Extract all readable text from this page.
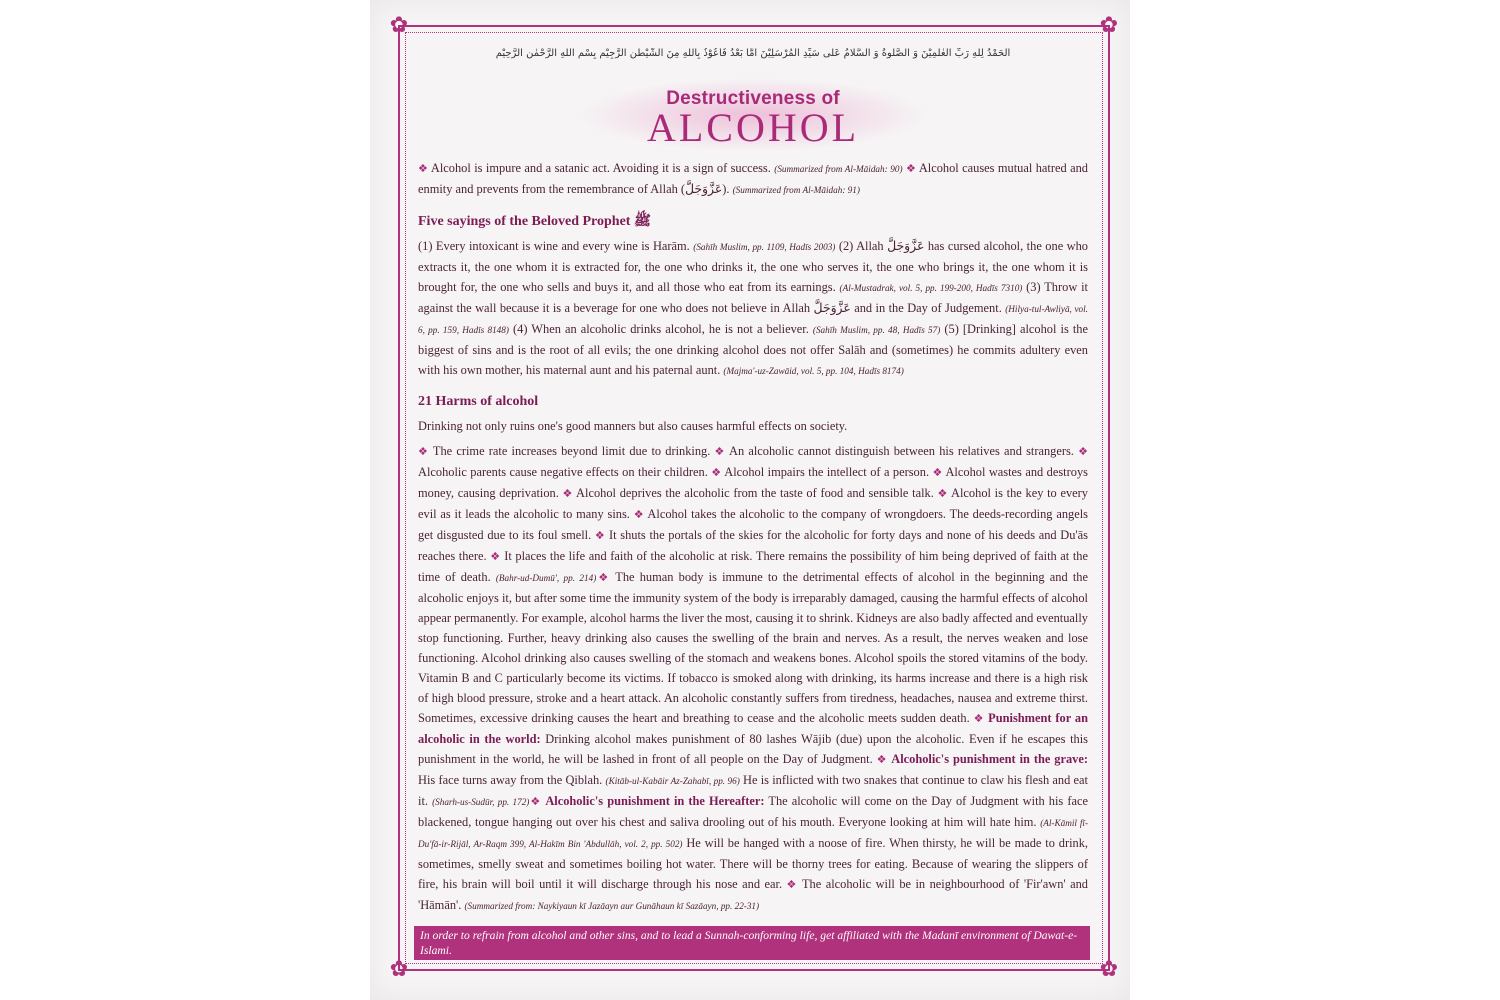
✿	✿
✿	✿
اَلْحَمْدُ لِلّٰهِ رَبِّ الْعٰلَمِيْنَ وَ الصَّلٰوةُ وَ السَّلَامُ عَلٰى سَيِّدِ الْمُرْسَلِيْنَ اَمَّا بَعْدُ فَاَعُوْذُ بِاللّٰهِ مِنَ الشَّيْطٰنِ الرَّجِيْمِ بِسْمِ اللّٰهِ الرَّحْمٰنِ الرَّحِيْمِ
Destructiveness of
ALCOHOL
❖ Alcohol is impure and a satanic act. Avoiding it is a sign of success. (Summarized from Al-Māidah: 90) ❖ Alcohol causes mutual hatred and enmity and prevents from the remembrance of Allah (عَزَّوَجَلَّ). (Summarized from Al-Māidah: 91)
Five sayings of the Beloved Prophet ﷺ
(1) Every intoxicant is wine and every wine is Harām. (Sahīh Muslim, pp. 1109, Hadīs 2003) (2) Allah عَزَّوَجَلَّ has cursed alcohol, the one who extracts it, the one whom it is extracted for, the one who drinks it, the one who serves it, the one who brings it, the one whom it is brought for, the one who sells and buys it, and all those who eat from its earnings. (Al-Mustadrak, vol. 5, pp. 199-200, Hadīs 7310) (3) Throw it against the wall because it is a beverage for one who does not believe in Allah عَزَّوَجَلَّ and in the Day of Judgement. (Hilya-tul-Awliyā, vol. 6, pp. 159, Hadīs 8148) (4) When an alcoholic drinks alcohol, he is not a believer. (Sahīh Muslim, pp. 48, Hadīs 57) (5) [Drinking] alcohol is the biggest of sins and is the root of all evils; the one drinking alcohol does not offer Salāh and (sometimes) he commits adultery even with his own mother, his maternal aunt and his paternal aunt. (Majma'-uz-Zawāid, vol. 5, pp. 104, Hadīs 8174)
21 Harms of alcohol
Drinking not only ruins one's good manners but also causes harmful effects on society.
❖ The crime rate increases beyond limit due to drinking. ❖ An alcoholic cannot distinguish between his relatives and strangers. ❖ Alcoholic parents cause negative effects on their children. ❖ Alcohol impairs the intellect of a person. ❖ Alcohol wastes and destroys money, causing deprivation. ❖ Alcohol deprives the alcoholic from the taste of food and sensible talk. ❖ Alcohol is the key to every evil as it leads the alcoholic to many sins. ❖ Alcohol takes the alcoholic to the company of wrongdoers. The deeds-recording angels get disgusted due to its foul smell. ❖ It shuts the portals of the skies for the alcoholic for forty days and none of his deeds and Du'ās reaches there. ❖ It places the life and faith of the alcoholic at risk. There remains the possibility of him being deprived of faith at the time of death. (Bahr-ud-Dumū', pp. 214)❖ The human body is immune to the detrimental effects of alcohol in the beginning and the alcoholic enjoys it, but after some time the immunity system of the body is irreparably damaged, causing the harmful effects of alcohol appear permanently. For example, alcohol harms the liver the most, causing it to shrink. Kidneys are also badly affected and eventually stop functioning. Further, heavy drinking also causes the swelling of the brain and nerves. As a result, the nerves weaken and lose functioning. Alcohol drinking also causes swelling of the stomach and weakens bones. Alcohol spoils the stored vitamins of the body. Vitamin B and C particularly become its victims. If tobacco is smoked along with drinking, its harms increase and there is a high risk of high blood pressure, stroke and a heart attack. An alcoholic constantly suffers from tiredness, headaches, nausea and extreme thirst. Sometimes, excessive drinking causes the heart and breathing to cease and the alcoholic meets sudden death. ❖ Punishment for an alcoholic in the world: Drinking alcohol makes punishment of 80 lashes Wājib (due) upon the alcoholic. Even if he escapes this punishment in the world, he will be lashed in front of all people on the Day of Judgment. ❖ Alcoholic's punishment in the grave: His face turns away from the Qiblah. (Kitāb-ul-Kabāir Az-Zahabī, pp. 96) He is inflicted with two snakes that continue to claw his flesh and eat it. (Sharh-us-Sudūr, pp. 172)❖ Alcoholic's punishment in the Hereafter: The alcoholic will come on the Day of Judgment with his face blackened, tongue hanging out over his chest and saliva drooling out of his mouth. Everyone looking at him will hate him. (Al-Kāmil fī-Du'fā-ir-Rijāl, Ar-Raqm 399, Al-Hakīm Bin 'Abdullāh, vol. 2, pp. 502) He will be hanged with a noose of fire. When thirsty, he will be made to drink, sometimes, smelly sweat and sometimes boiling hot water. There will be thorny trees for eating. Because of wearing the slippers of fire, his brain will boil until it will discharge through his nose and ear. ❖ The alcoholic will be in neighbourhood of 'Fir'awn' and 'Hāmān'. (Summarized from: Naykiyaun kī Jazāayn aur Gunāhaun kī Sazāayn, pp. 22-31)
In order to refrain from alcohol and other sins, and to lead a Sunnah-conforming life, get affiliated with the Madanī environment of Dawat-e-Islami.
